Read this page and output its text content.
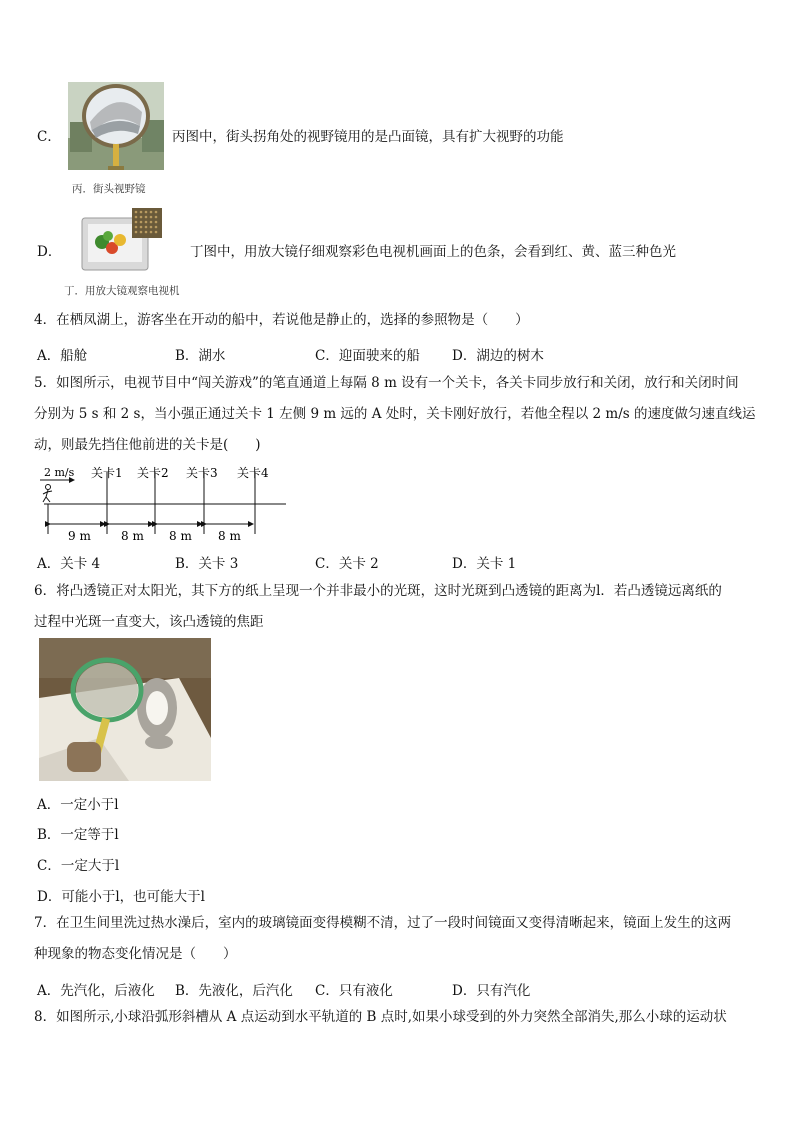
C．	丙图中，街头拐角处的视野镜用的是凸面镜，具有扩大视野的功能
丙．街头视野镜
D．	丁图中，用放大镜仔细观察彩色电视机画面上的色条，会看到红、黄、蓝三种色光
丁．用放大镜观察电视机
4．在栖凤湖上，游客坐在开动的船中，若说他是静止的，选择的参照物是（　　）
A．船舱	B．湖水	C．迎面驶来的船 D．湖边的树木
5．如图所示，电视节目中“闯关游戏”的笔直通道上每隔 8 m 设有一个关卡，各关卡同步放行和关闭，放行和关闭时间
分别为 5 s 和 2 s，当小强正通过关卡 1 左侧 9 m 远的 A 处时，关卡刚好放行，若他全程以 2 m/s 的速度做匀速直线运
动，则最先挡住他前进的关卡是(　　)
2 m/s 关卡1 关卡2 关卡3 关卡4
9 m	8 m 8 m 8 m
A．关卡 4	B．关卡 3	C．关卡 2	D．关卡 1
6．将凸透镜正对太阳光，其下方的纸上呈现一个并非最小的光斑，这时光斑到凸透镜的距离为l．若凸透镜远离纸的
过程中光斑一直变大，该凸透镜的焦距
A．一定小于l
B．一定等于l
C．一定大于l
D．可能小于l，也可能大于l
7．在卫生间里洗过热水澡后，室内的玻璃镜面变得模糊不清，过了一段时间镜面又变得清晰起来，镜面上发生的这两
种现象的物态变化情况是（　　）
A．先汽化，后液化 B．先液化，后汽化 C．只有液化	D．只有汽化
8．如图所示,小球沿弧形斜槽从 A 点运动到水平轨道的 B 点时,如果小球受到的外力突然全部消失,那么小球的运动状
